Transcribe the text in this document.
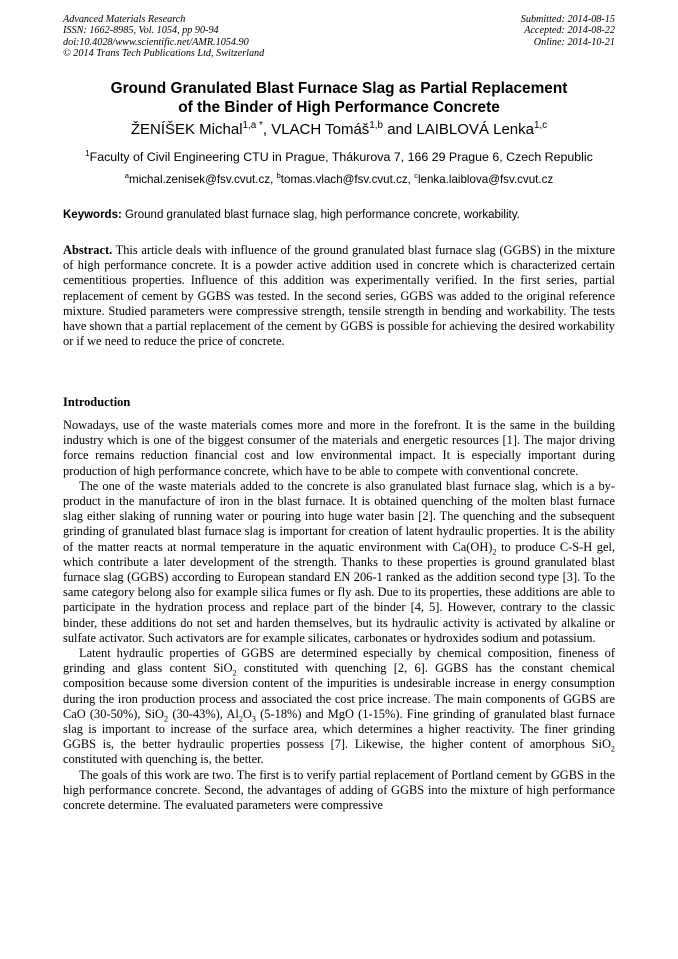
Advanced Materials Research
ISSN: 1662-8985, Vol. 1054, pp 90-94
doi:10.4028/www.scientific.net/AMR.1054.90
© 2014 Trans Tech Publications Ltd, Switzerland
Submitted: 2014-08-15
Accepted: 2014-08-22
Online: 2014-10-21
Ground Granulated Blast Furnace Slag as Partial Replacement
of the Binder of High Performance Concrete
ŽENÍŠEK Michal$^{1,a *}$, VLACH Tomáš$^{1,b}$ and LAIBLOVÁ Lenka$^{1,c}$
$^1$Faculty of Civil Engineering CTU in Prague, Thákurova 7, 166 29 Prague 6, Czech Republic
$^a$michal.zenisek@fsv.cvut.cz, $^b$tomas.vlach@fsv.cvut.cz, $^c$lenka.laiblova@fsv.cvut.cz
Keywords: Ground granulated blast furnace slag, high performance concrete, workability.
Abstract. This article deals with influence of the ground granulated blast furnace slag (GGBS) in the mixture of high performance concrete. It is a powder active addition used in concrete which is characterized certain cementitious properties. Influence of this addition was experimentally verified. In the first series, partial replacement of cement by GGBS was tested. In the second series, GGBS was added to the original reference mixture. Studied parameters were compressive strength, tensile strength in bending and workability. The tests have shown that a partial replacement of the cement by GGBS is possible for achieving the desired workability or if we need to reduce the price of concrete.
Introduction

Nowadays, use of the waste materials comes more and more in the forefront. It is the same in the building industry which is one of the biggest consumer of the materials and energetic resources [1]. The major driving force remains reduction financial cost and low environmental impact. It is especially important during production of high performance concrete, which have to be able to compete with conventional concrete.

The one of the waste materials added to the concrete is also granulated blast furnace slag, which is a by-product in the manufacture of iron in the blast furnace. It is obtained quenching of the molten blast furnace slag either slaking of running water or pouring into huge water basin [2]. The quenching and the subsequent grinding of granulated blast furnace slag is important for creation of latent hydraulic properties. It is the ability of the matter reacts at normal temperature in the aquatic environment with $Ca(OH)_2$ to produce C-S-H gel, which contribute a later development of the strength. Thanks to these properties is ground granulated blast furnace slag (GGBS) according to European standard EN 206-1 ranked as the addition second type [3]. To the same category belong also for example silica fumes or fly ash. Due to its properties, these additions are able to participate in the hydration process and replace part of the binder [4, 5]. However, contrary to the classic binder, these additions do not set and harden themselves, but its hydraulic activity is activated by alkaline or sulfate activator. Such activators are for example silicates, carbonates or hydroxides sodium and potassium.

Latent hydraulic properties of GGBS are determined especially by chemical composition, fineness of grinding and glass content SiO$_2$ constituted with quenching [2, 6]. GGBS has the constant chemical composition because some diversion content of the impurities is undesirable increase in energy consumption during the iron production process and associated the cost price increase. The main components of GGBS are CaO (30-50%), SiO$_2$ (30-43%), $Al_2O_3$ (5-18%) and MgO (1-15%). Fine grinding of granulated blast furnace slag is important to increase of the surface area, which determines a higher reactivity. The finer grinding GGBS is, the better hydraulic properties possess [7]. Likewise, the higher content of amorphous SiO$_2$ constituted with quenching is, the better.

The goals of this work are two. The first is to verify partial replacement of Portland cement by GGBS in the high performance concrete. Second, the advantages of adding of GGBS into the mixture of high performance concrete determine. The evaluated parameters were compressive
